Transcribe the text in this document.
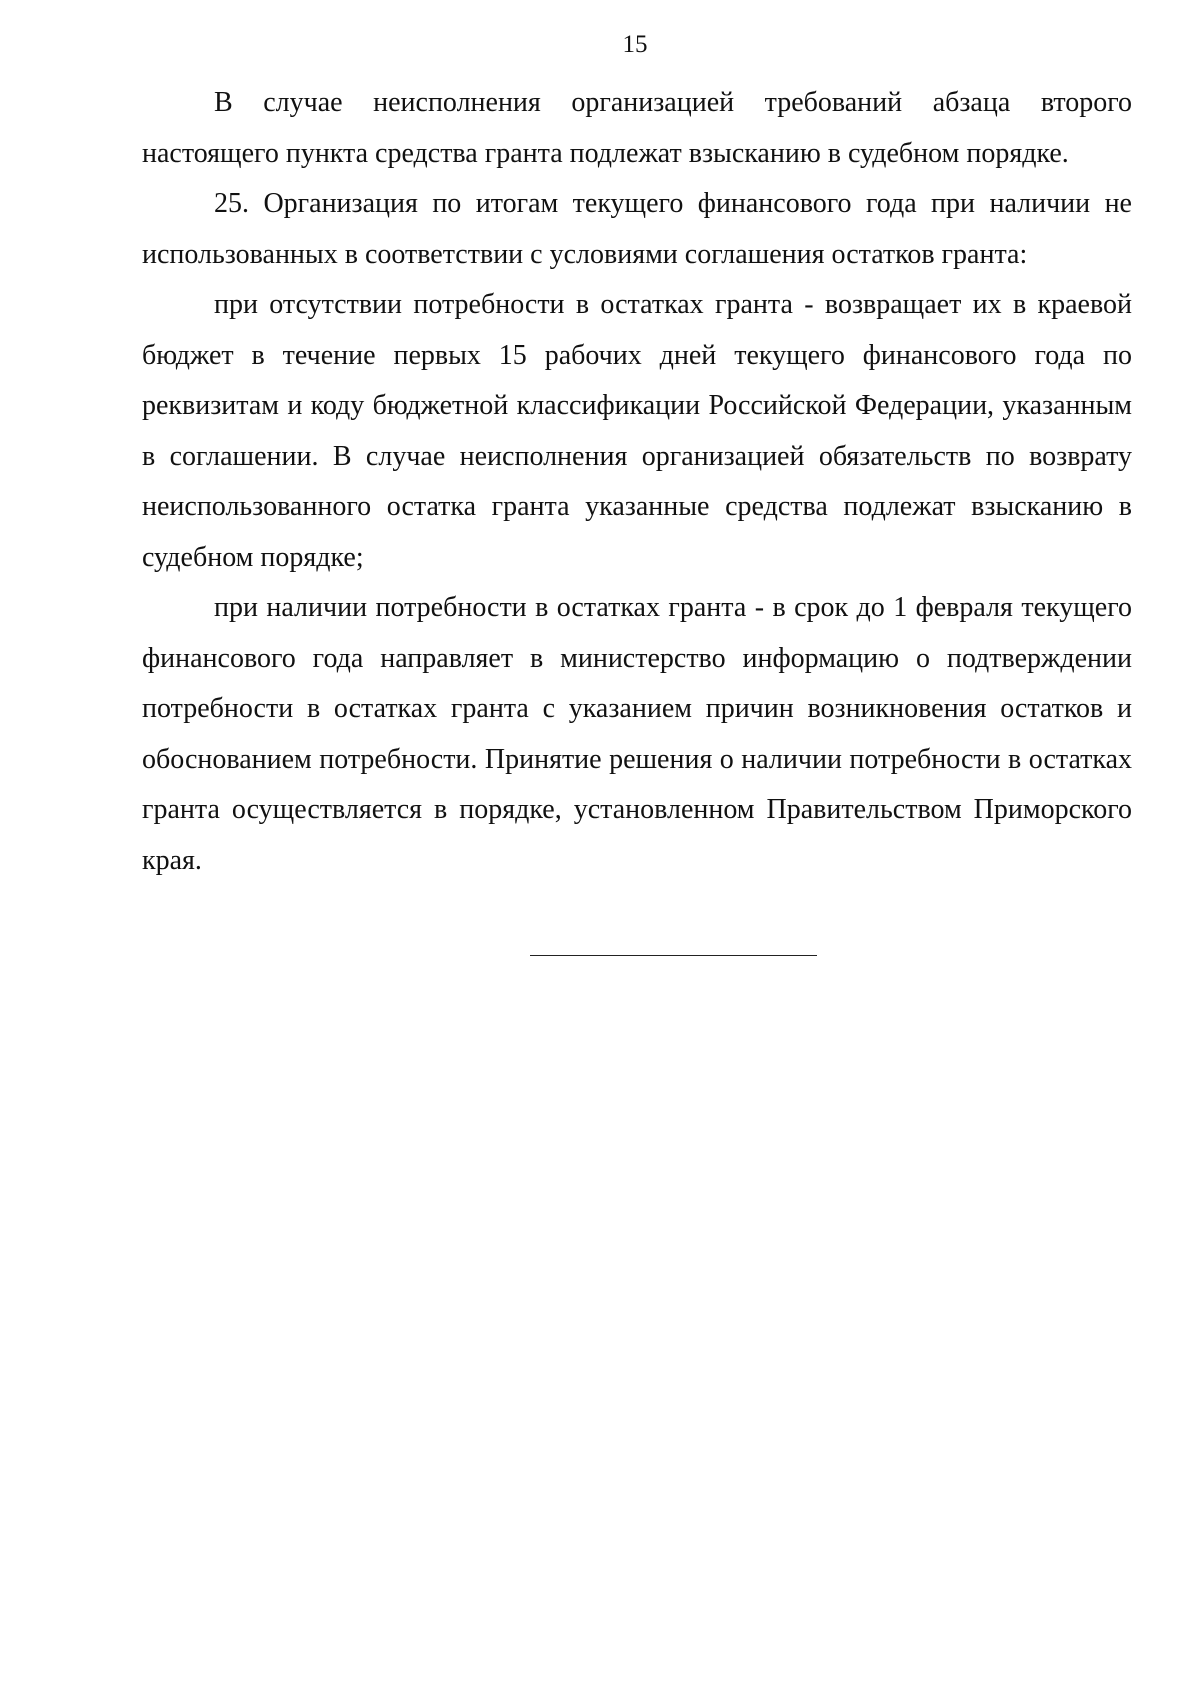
15

В случае неисполнения организацией требований абзаца второго настоящего пункта средства гранта подлежат взысканию в судебном порядке.

25. Организация по итогам текущего финансового года при наличии не использованных в соответствии с условиями соглашения остатков гранта:

при отсутствии потребности в остатках гранта - возвращает их в краевой бюджет в течение первых 15 рабочих дней текущего финансового года по реквизитам и коду бюджетной классификации Российской Федерации, указанным в соглашении. В случае неисполнения организацией обязательств по возврату неиспользованного остатка гранта указанные средства подлежат взысканию в судебном порядке;

при наличии потребности в остатках гранта - в срок до 1 февраля текущего финансового года направляет в министерство информацию о подтверждении потребности в остатках гранта с указанием причин возникновения остатков и обоснованием потребности. Принятие решения о наличии потребности в остатках гранта осуществляется в порядке, установленном Правительством Приморского края.
